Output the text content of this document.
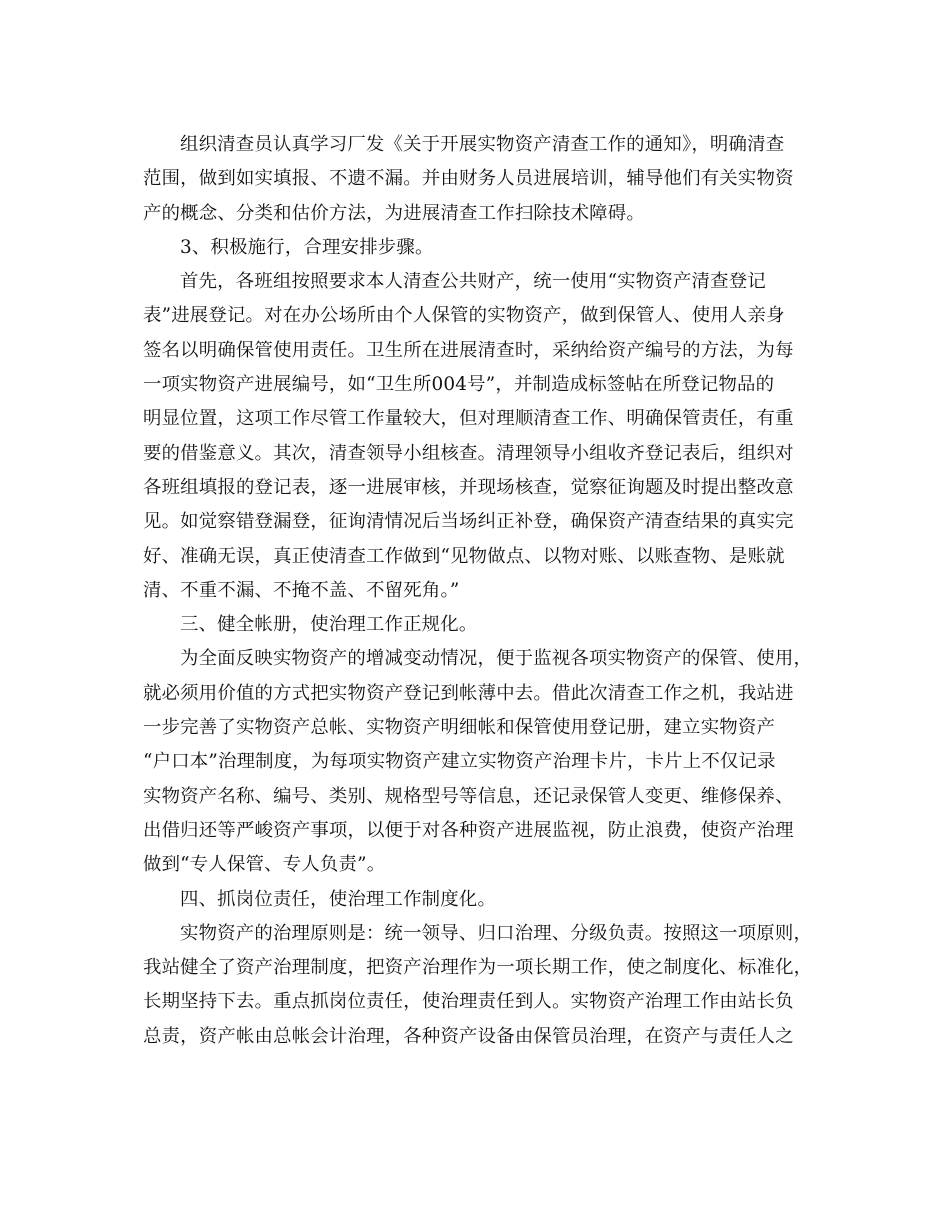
组织清查员认真学习厂发《关于开展实物资产清查工作的通知》，明确清查
范围，做到如实填报、不遗不漏。并由财务人员进展培训，辅导他们有关实物资
产的概念、分类和估价方法，为进展清查工作扫除技术障碍。
3、积极施行，合理安排步骤。
首先，各班组按照要求本人清查公共财产，统一使用“实物资产清查登记
表”进展登记。对在办公场所由个人保管的实物资产，做到保管人、使用人亲身
签名以明确保管使用责任。卫生所在进展清查时，采纳给资产编号的方法，为每
一项实物资产进展编号，如“卫生所004号”，并制造成标签帖在所登记物品的
明显位置，这项工作尽管工作量较大，但对理顺清查工作、明确保管责任，有重
要的借鉴意义。其次，清查领导小组核查。清理领导小组收齐登记表后，组织对
各班组填报的登记表，逐一进展审核，并现场核查，觉察征询题及时提出整改意
见。如觉察错登漏登，征询清情况后当场纠正补登，确保资产清查结果的真实完
好、准确无误，真正使清查工作做到“见物做点、以物对账、以账查物、是账就
清、不重不漏、不掩不盖、不留死角。”
三、健全帐册，使治理工作正规化。
为全面反映实物资产的增减变动情况，便于监视各项实物资产的保管、使用，
就必须用价值的方式把实物资产登记到帐薄中去。借此次清查工作之机，我站进
一步完善了实物资产总帐、实物资产明细帐和保管使用登记册，建立实物资产
“户口本”治理制度，为每项实物资产建立实物资产治理卡片，卡片上不仅记录
实物资产名称、编号、类别、规格型号等信息，还记录保管人变更、维修保养、
出借归还等严峻资产事项，以便于对各种资产进展监视，防止浪费，使资产治理
做到“专人保管、专人负责”。
四、抓岗位责任，使治理工作制度化。
实物资产的治理原则是：统一领导、归口治理、分级负责。按照这一项原则，
我站健全了资产治理制度，把资产治理作为一项长期工作，使之制度化、标准化，
长期坚持下去。重点抓岗位责任，使治理责任到人。实物资产治理工作由站长负
总责，资产帐由总帐会计治理，各种资产设备由保管员治理，在资产与责任人之
